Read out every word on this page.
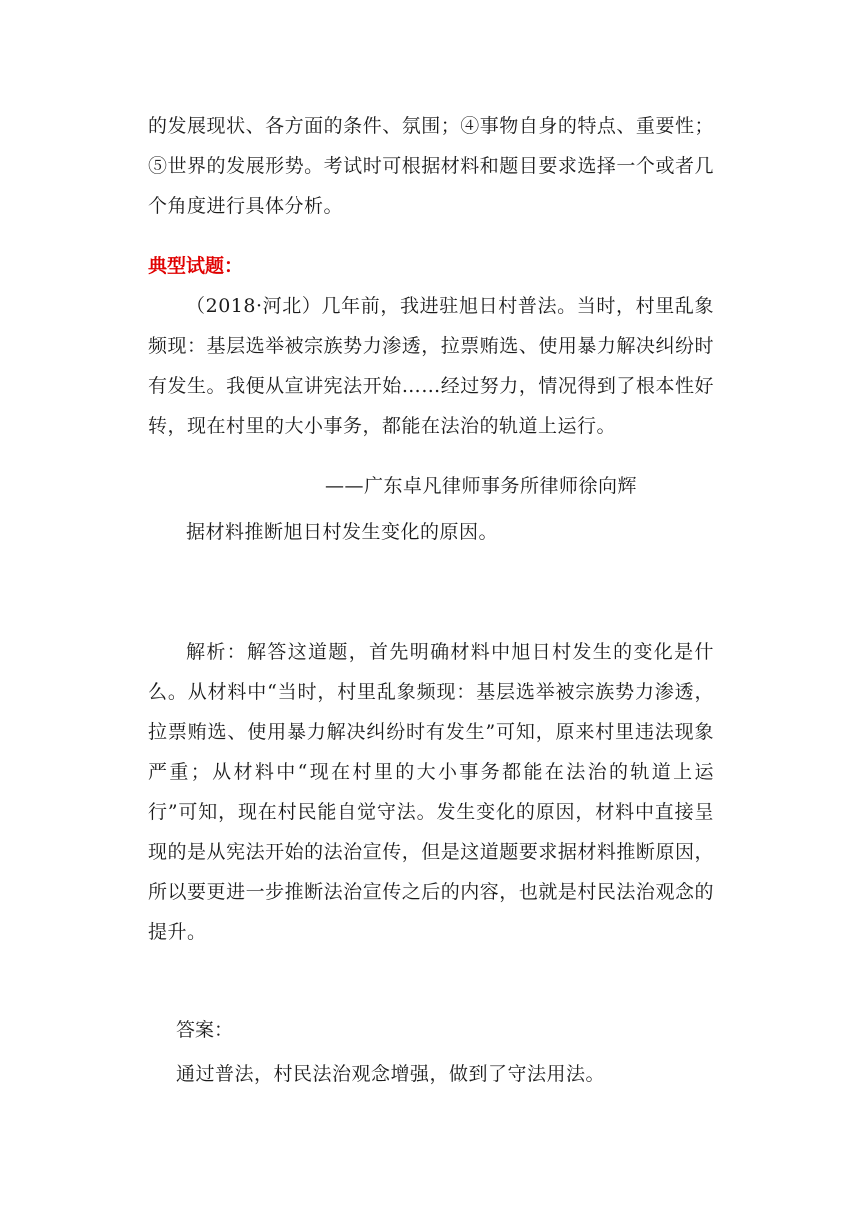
的发展现状、各方面的条件、氛围；④事物自身的特点、重要性；⑤世界的发展形势。考试时可根据材料和题目要求选择一个或者几个角度进行具体分析。

典型试题：

（2018·河北）几年前，我进驻旭日村普法。当时，村里乱象频现：基层选举被宗族势力渗透，拉票贿选、使用暴力解决纠纷时有发生。我便从宣讲宪法开始……经过努力，情况得到了根本性好转，现在村里的大小事务，都能在法治的轨道上运行。

——广东卓凡律师事务所律师徐向辉

据材料推断旭日村发生变化的原因。

解析：解答这道题，首先明确材料中旭日村发生的变化是什么。从材料中“当时，村里乱象频现：基层选举被宗族势力渗透，拉票贿选、使用暴力解决纠纷时有发生”可知，原来村里违法现象严重；从材料中“现在村里的大小事务都能在法治的轨道上运行”可知，现在村民能自觉守法。发生变化的原因，材料中直接呈现的是从宪法开始的法治宣传，但是这道题要求据材料推断原因，所以要更进一步推断法治宣传之后的内容，也就是村民法治观念的提升。

答案：

通过普法，村民法治观念增强，做到了守法用法。
